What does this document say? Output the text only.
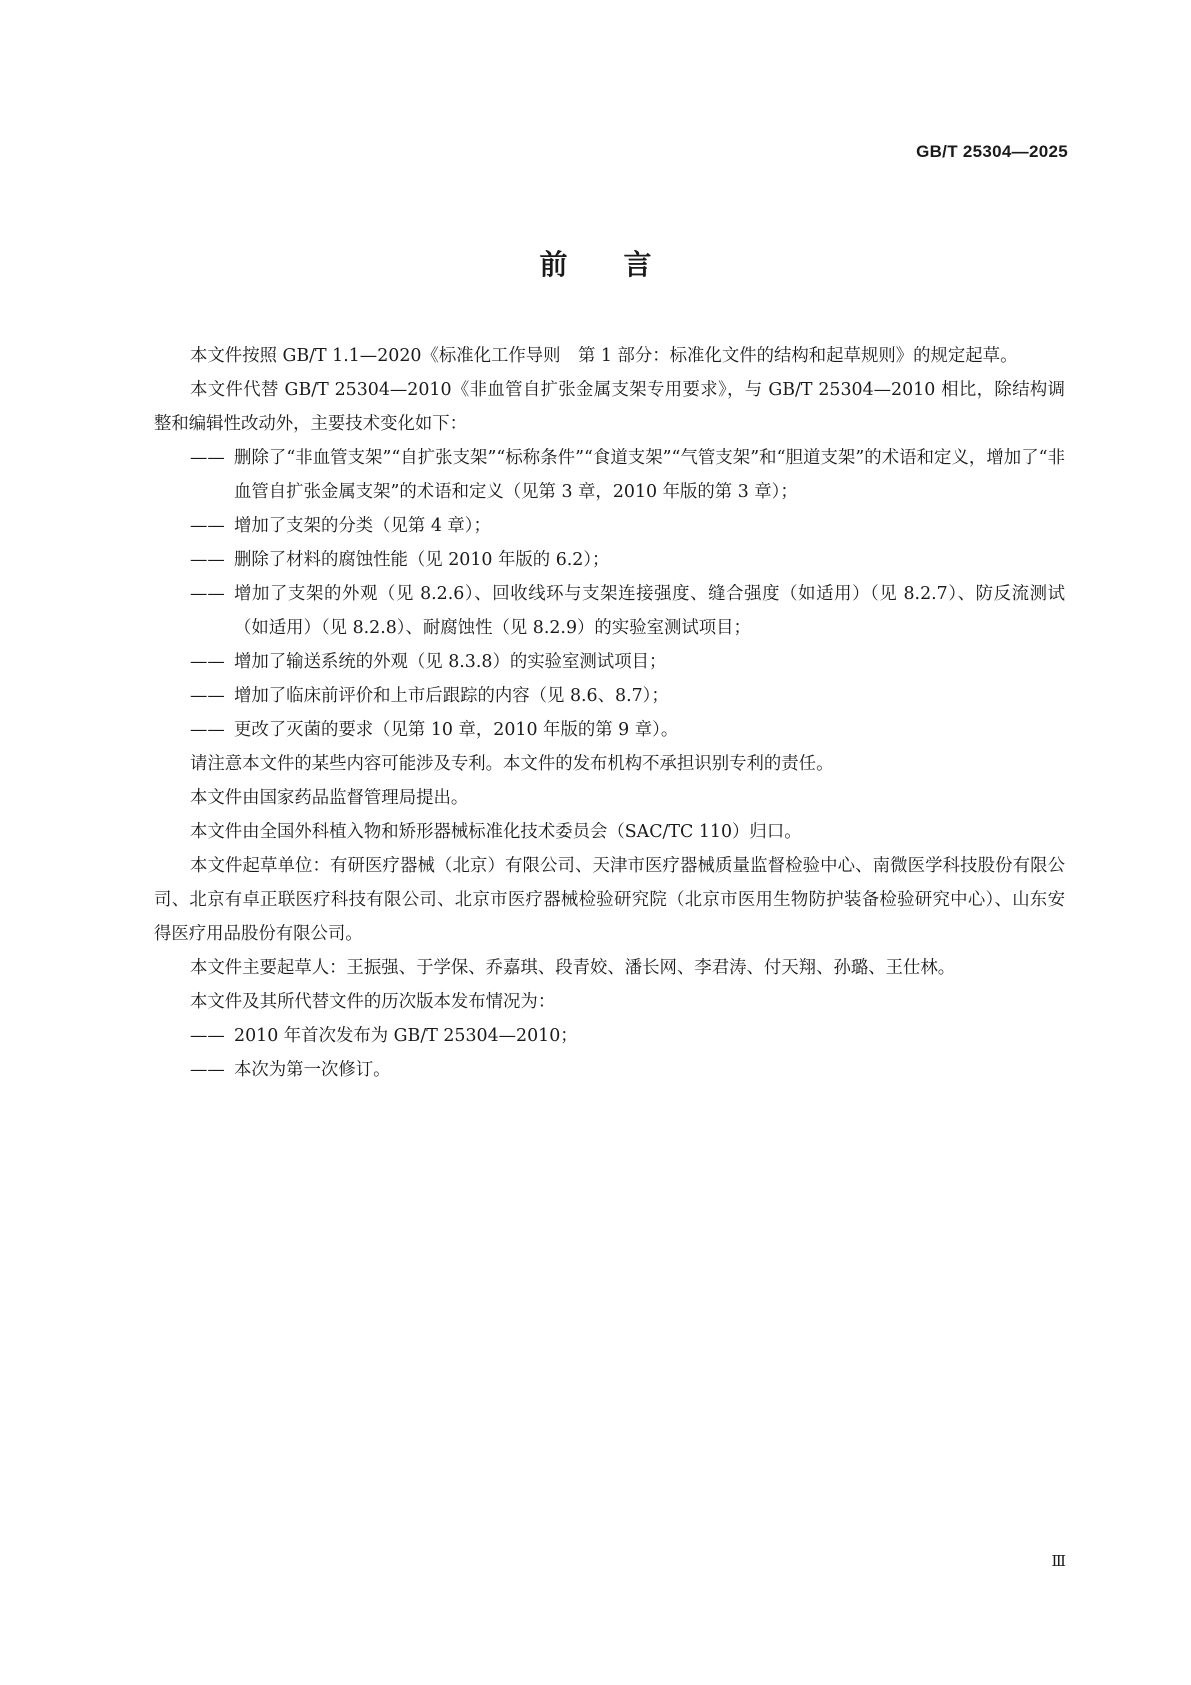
GB/T 25304—2025
前言

本文件按照 GB/T 1.1—2020《标准化工作导则　第 1 部分：标准化文件的结构和起草规则》的规定起草。

本文件代替 GB/T 25304—2010《非血管自扩张金属支架专用要求》，与 GB/T 25304—2010 相比，除结构调整和编辑性改动外，主要技术变化如下：

—— 删除了“非血管支架”“自扩张支架”“标称条件”“食道支架”“气管支架”和“胆道支架”的术语和定义，增加了“非血管自扩张金属支架”的术语和定义（见第 3 章，2010 年版的第 3 章）；
—— 增加了支架的分类（见第 4 章）；
—— 删除了材料的腐蚀性能（见 2010 年版的 6.2）；
—— 增加了支架的外观（见 8.2.6）、回收线环与支架连接强度、缝合强度（如适用）（见 8.2.7）、防反流测试（如适用）（见 8.2.8）、耐腐蚀性（见 8.2.9）的实验室测试项目；
—— 增加了输送系统的外观（见 8.3.8）的实验室测试项目；
—— 增加了临床前评价和上市后跟踪的内容（见 8.6、8.7）；
—— 更改了灭菌的要求（见第 10 章，2010 年版的第 9 章）。

请注意本文件的某些内容可能涉及专利。本文件的发布机构不承担识别专利的责任。

本文件由国家药品监督管理局提出。

本文件由全国外科植入物和矫形器械标准化技术委员会（SAC/TC 110）归口。

本文件起草单位：有研医疗器械（北京）有限公司、天津市医疗器械质量监督检验中心、南微医学科技股份有限公司、北京有卓正联医疗科技有限公司、北京市医疗器械检验研究院（北京市医用生物防护装备检验研究中心）、山东安得医疗用品股份有限公司。

本文件主要起草人：王振强、于学保、乔嘉琪、段青姣、潘长网、李君涛、付天翔、孙璐、王仕林。

本文件及其所代替文件的历次版本发布情况为：

—— 2010 年首次发布为 GB/T 25304—2010；
—— 本次为第一次修订。
Ⅲ
